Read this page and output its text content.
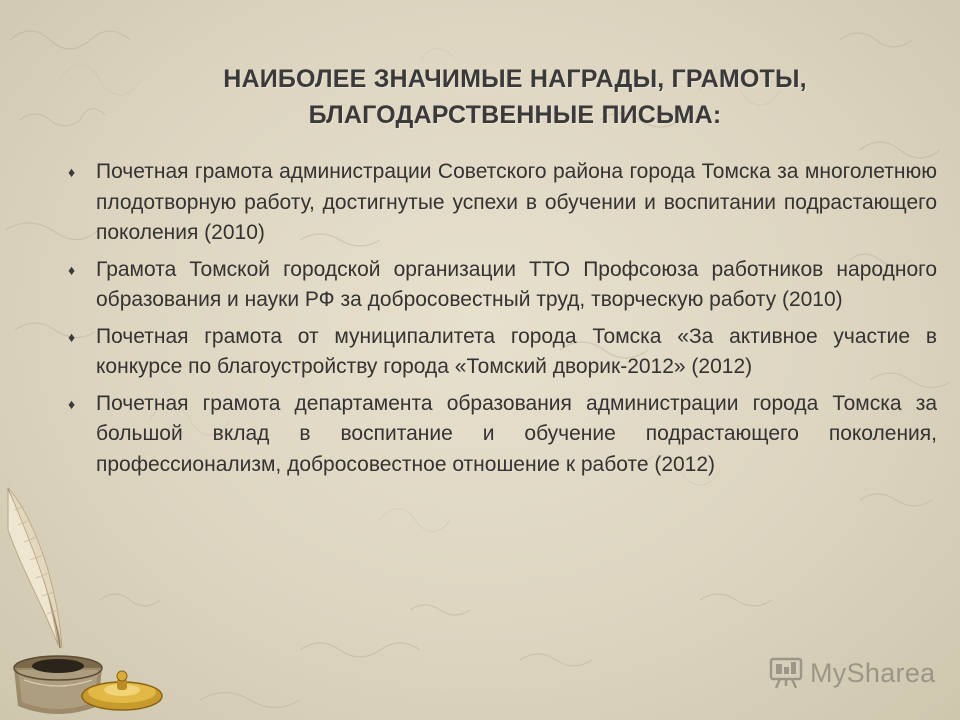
НАИБОЛЕЕ ЗНАЧИМЫЕ НАГРАДЫ, ГРАМОТЫ,
БЛАГОДАРСТВЕННЫЕ ПИСЬМА:
♦ Почетная грамота администрации Советского района города Томска за многолетнюю плодотворную работу, достигнутые успехи в обучении и воспитании подрастающего поколения (2010)
♦ Грамота Томской городской организации ТТО Профсоюза работников народного образования и науки РФ за добросовестный труд, творческую работу (2010)
♦ Почетная грамота от муниципалитета города Томска «За активное участие в конкурсе по благоустройству города «Томский дворик-2012» (2012)
♦ Почетная грамота департамента образования администрации города Томска за большой вклад в воспитание и обучение подрастающего поколения, профессионализм, добросовестное отношение к работе (2012)
MySharea
